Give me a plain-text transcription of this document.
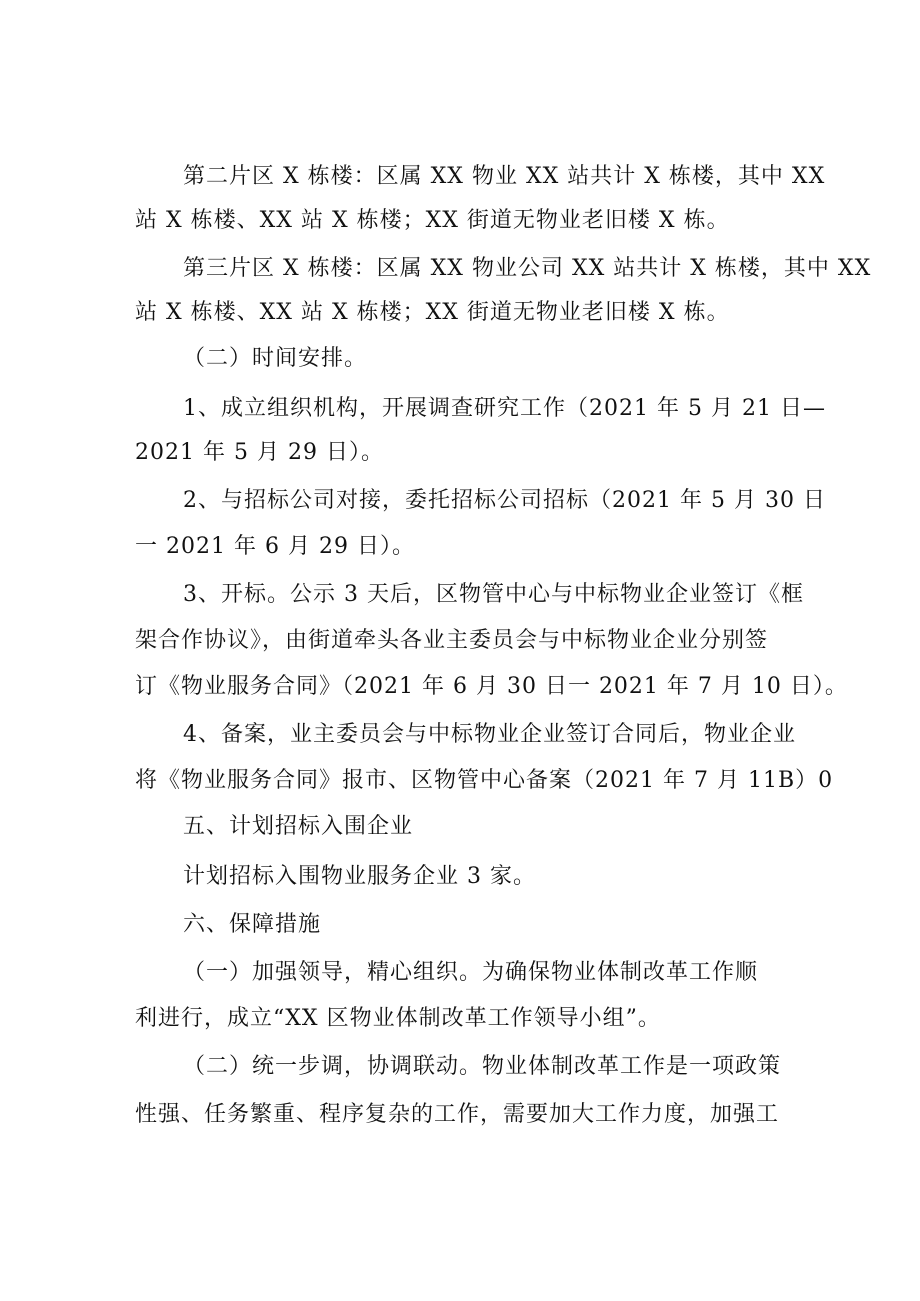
第二片区 X 栋楼：区属 XX 物业 XX 站共计 X 栋楼，其中 XX
站 X 栋楼、XX 站 X 栋楼；XX 街道无物业老旧楼 X 栋。
第三片区 X 栋楼：区属 XX 物业公司 XX 站共计 X 栋楼，其中 XX
站 X 栋楼、XX 站 X 栋楼；XX 街道无物业老旧楼 X 栋。
（二）时间安排。
1、成立组织机构，开展调查研究工作（2021 年 5 月 21 日—
2021 年 5 月 29 日）。
2、与招标公司对接，委托招标公司招标（2021 年 5 月 30 日
一 2021 年 6 月 29 日）。
3、开标。公示 3 天后，区物管中心与中标物业企业签订《框
架合作协议》，由街道牵头各业主委员会与中标物业企业分别签
订《物业服务合同》（2021 年 6 月 30 日一 2021 年 7 月 10 日）。
4、备案，业主委员会与中标物业企业签订合同后，物业企业
将《物业服务合同》报市、区物管中心备案（2021 年 7 月 11B）0
五、计划招标入围企业
计划招标入围物业服务企业 3 家。
六、保障措施
（一）加强领导，精心组织。为确保物业体制改革工作顺
利进行，成立“XX 区物业体制改革工作领导小组”。
（二）统一步调，协调联动。物业体制改革工作是一项政策
性强、任务繁重、程序复杂的工作，需要加大工作力度，加强工
